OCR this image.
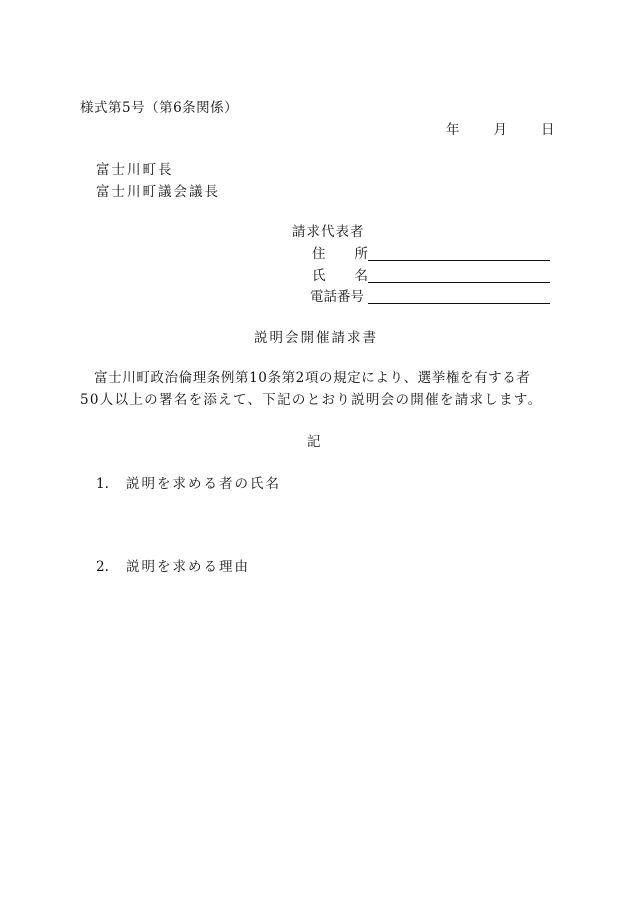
様式第5号（第6条関係）
年	月	日
富士川町長
富士川町議会議長
請求代表者
住 所
氏 名
電話番号
説明会開催請求書

富士川町政治倫理条例第10条第2項の規定により、選挙権を有する者

50人以上の署名を添えて、下記のとおり説明会の開催を請求します。

記
1. 説明を求める者の氏名
2. 説明を求める理由
